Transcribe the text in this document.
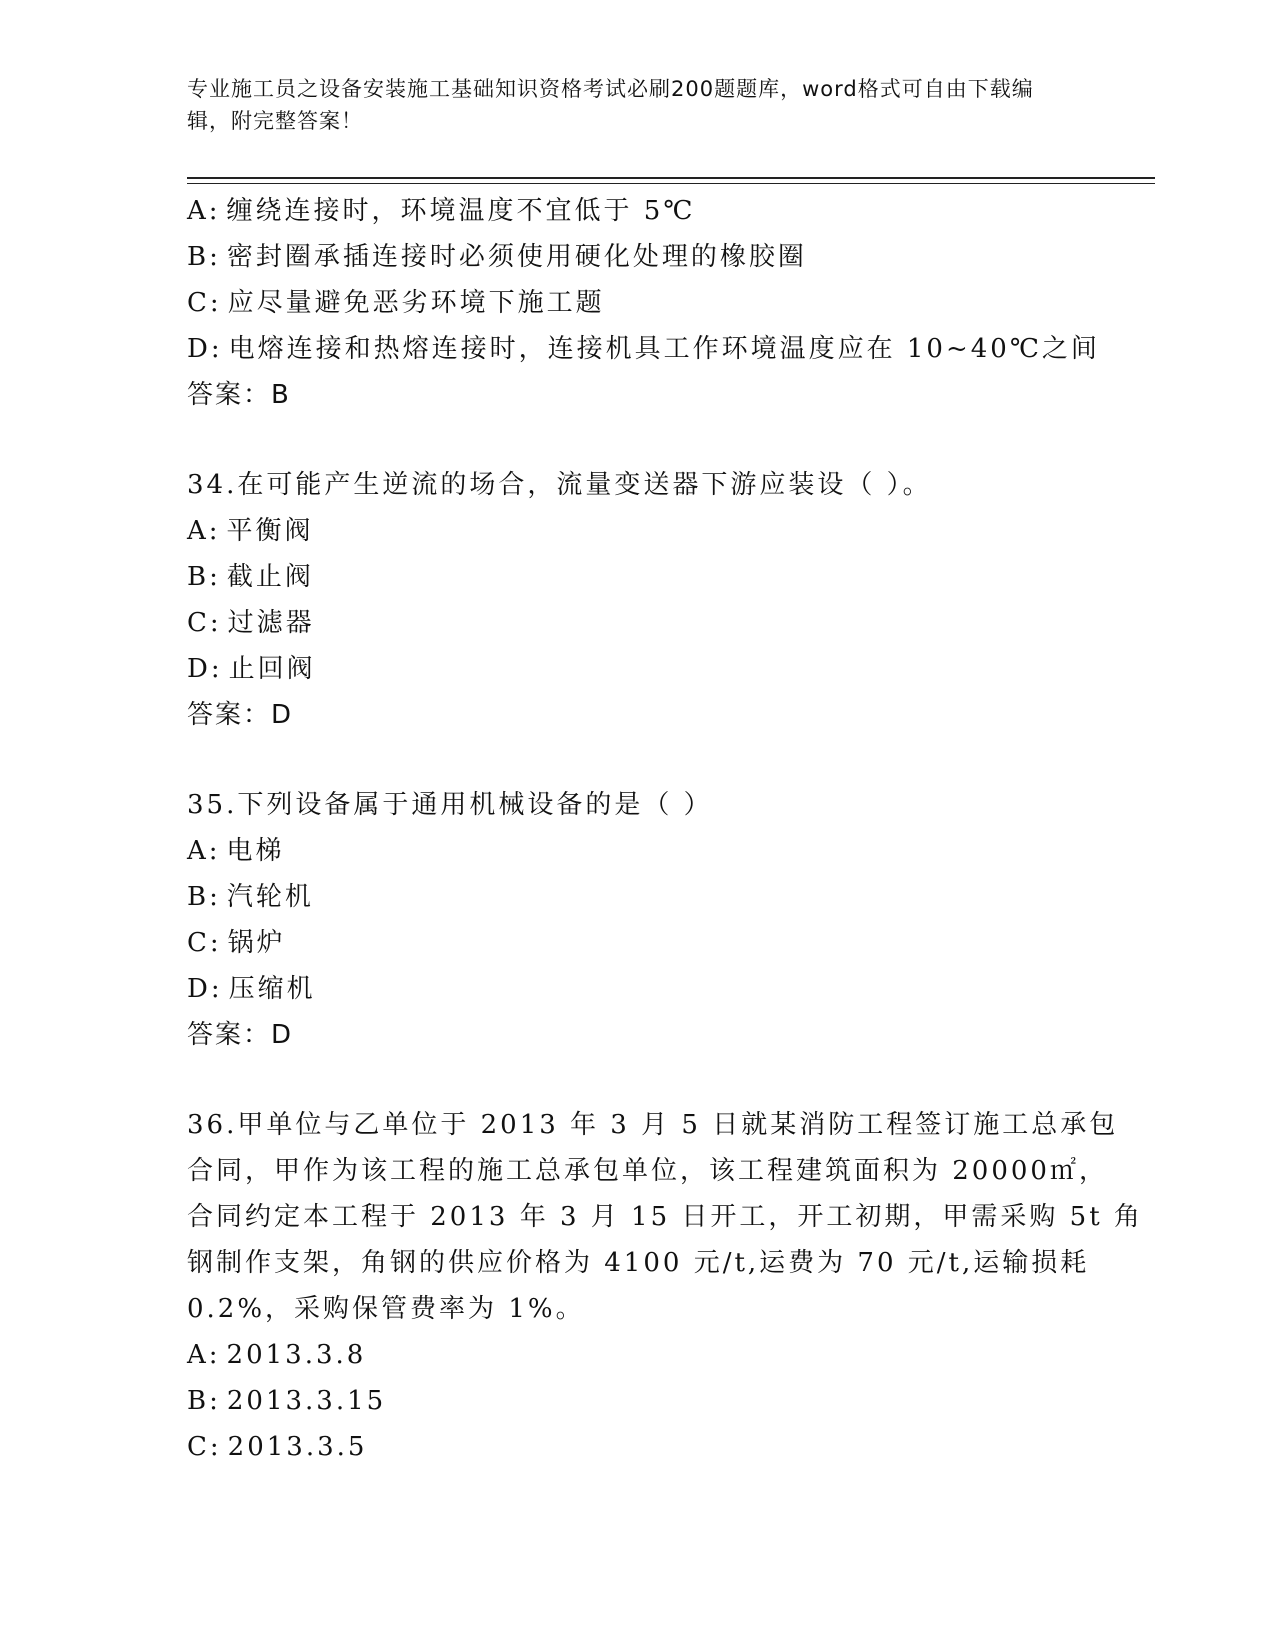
专业施工员之设备安装施工基础知识资格考试必刷200题题库，word格式可自由下载编辑，附完整答案！
A: 缠绕连接时，环境温度不宜低于 5℃
B: 密封圈承插连接时必须使用硬化处理的橡胶圈
C: 应尽量避免恶劣环境下施工题
D: 电熔连接和热熔连接时，连接机具工作环境温度应在 10~40℃之间
答案：B
34.在可能产生逆流的场合，流量变送器下游应装设（ ）。
A: 平衡阀
B: 截止阀
C: 过滤器
D: 止回阀
答案：D
35.下列设备属于通用机械设备的是（ ）
A: 电梯
B: 汽轮机
C: 锅炉
D: 压缩机
答案：D
36.甲单位与乙单位于 2013 年 3 月 5 日就某消防工程签订施工总承包
合同，甲作为该工程的施工总承包单位，该工程建筑面积为 20000㎡，
合同约定本工程于 2013 年 3 月 15 日开工，开工初期，甲需采购 5t 角
钢制作支架，角钢的供应价格为 4100 元/t,运费为 70 元/t,运输损耗
0.2%，采购保管费率为 1%。
A: 2013.3.8
B: 2013.3.15
C: 2013.3.5
